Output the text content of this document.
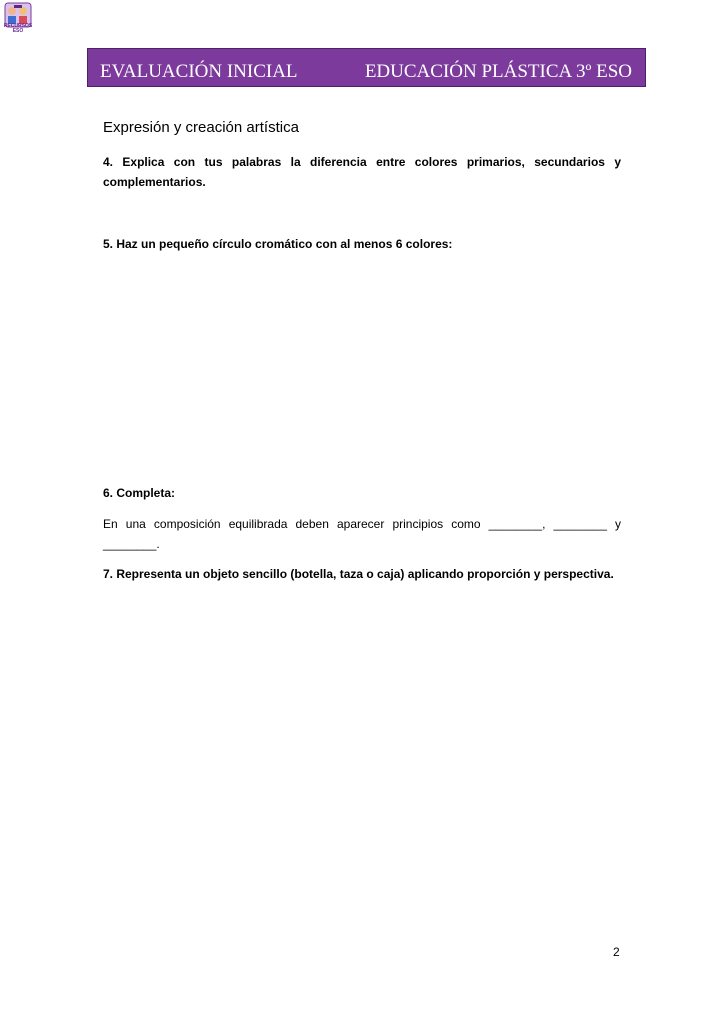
RECURSOS ESO
EVALUACIÓN INICIAL	EDUCACIÓN PLÁSTICA 3º ESO
Expresión y creación artística

4. Explica con tus palabras la diferencia entre colores primarios, secundarios y complementarios.

5. Haz un pequeño círculo cromático con al menos 6 colores:

6. Completa:

En una composición equilibrada deben aparecer principios como ________, ________ y ________.

7. Representa un objeto sencillo (botella, taza o caja) aplicando proporción y perspectiva.

2
